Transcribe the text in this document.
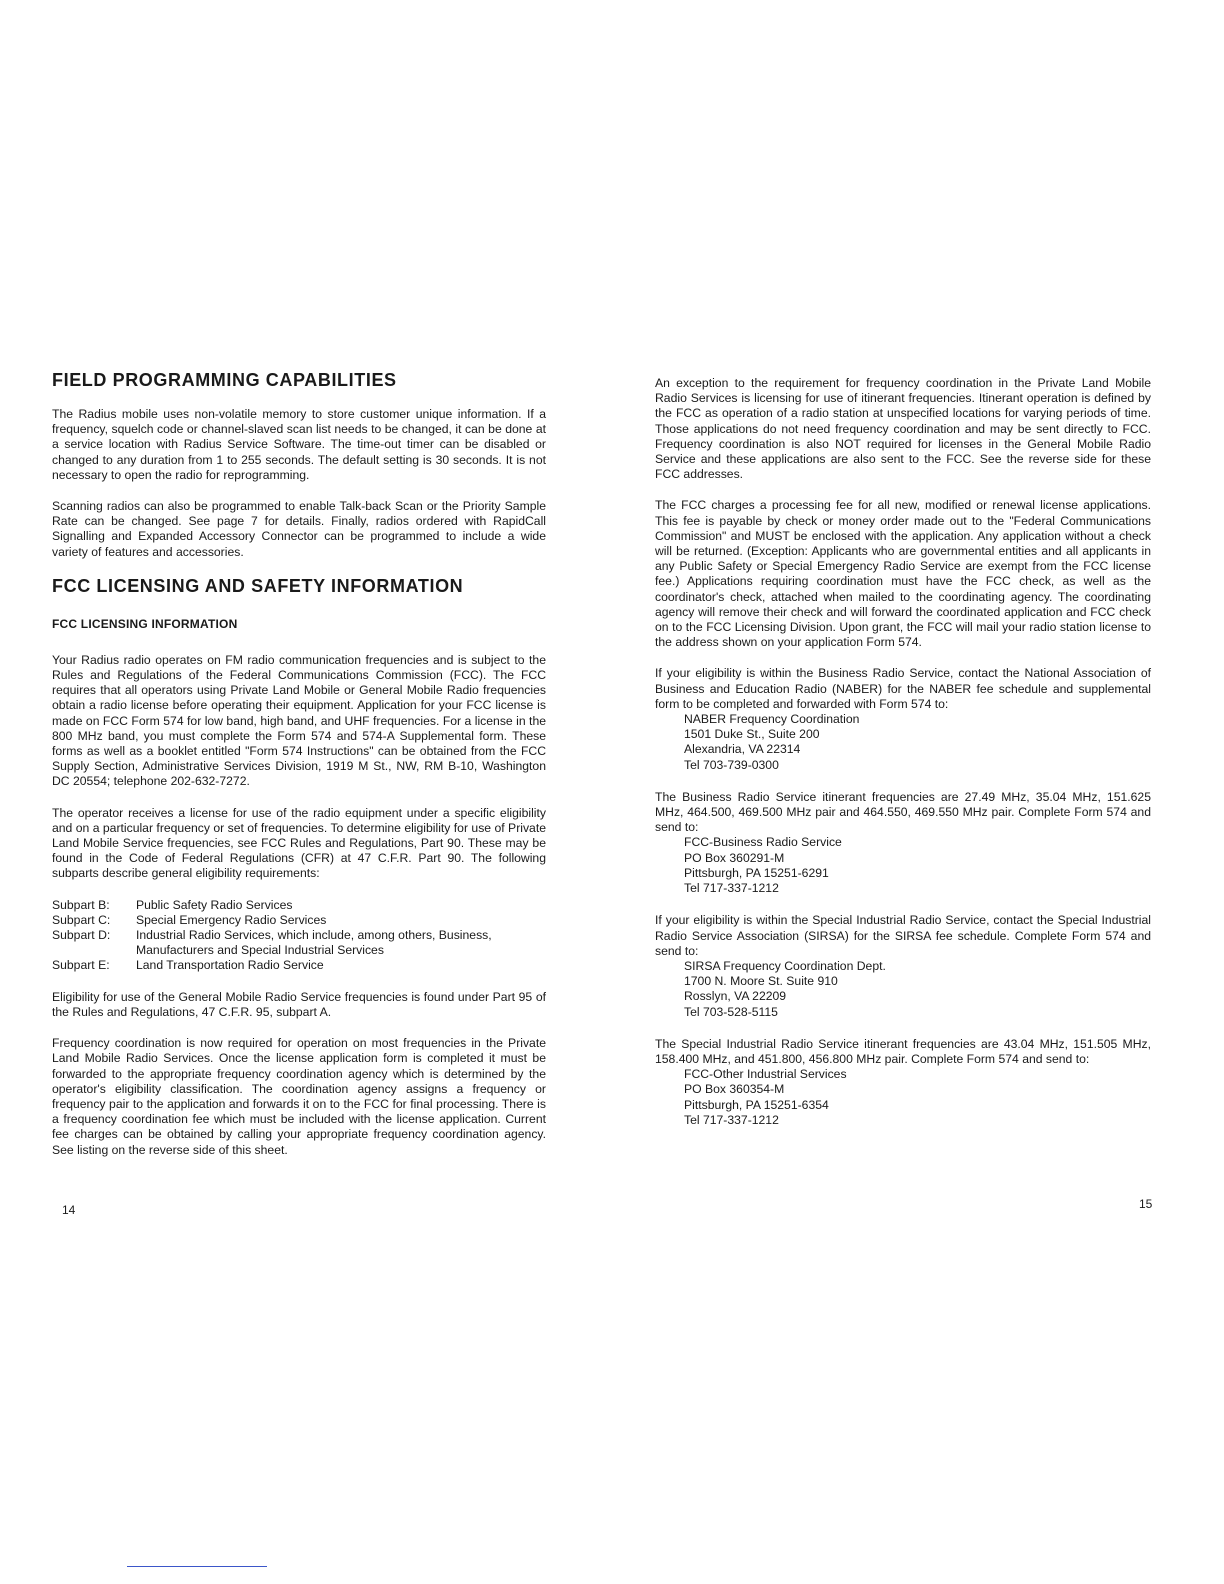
FIELD PROGRAMMING CAPABILITIES

The Radius mobile uses non-volatile memory to store customer unique information. If a frequency, squelch code or channel-slaved scan list needs to be changed, it can be done at a service location with Radius Service Software. The time-out timer can be disabled or changed to any duration from 1 to 255 seconds. The default setting is 30 seconds. It is not necessary to open the radio for reprogramming.

Scanning radios can also be programmed to enable Talk-back Scan or the Priority Sample Rate can be changed. See page 7 for details. Finally, radios ordered with RapidCall Signalling and Expanded Accessory Connector can be programmed to include a wide variety of features and accessories.

FCC LICENSING AND SAFETY INFORMATION
FCC LICENSING INFORMATION

Your Radius radio operates on FM radio communication frequencies and is subject to the Rules and Regulations of the Federal Communications Commission (FCC). The FCC requires that all operators using Private Land Mobile or General Mobile Radio frequencies obtain a radio license before operating their equipment. Application for your FCC license is made on FCC Form 574 for low band, high band, and UHF frequencies. For a license in the 800 MHz band, you must complete the Form 574 and 574-A Supplemental form. These forms as well as a booklet entitled "Form 574 Instructions" can be obtained from the FCC Supply Section, Administrative Services Division, 1919 M St., NW, RM B-10, Washington DC 20554; telephone 202-632-7272.

The operator receives a license for use of the radio equipment under a specific eligibility and on a particular frequency or set of frequencies. To determine eligibility for use of Private Land Mobile Service frequencies, see FCC Rules and Regulations, Part 90. These may be found in the Code of Federal Regulations (CFR) at 47 C.F.R. Part 90. The following subparts describe general eligibility requirements:

Subpart B:	Public Safety Radio Services
Subpart C:	Special Emergency Radio Services
Subpart D:	Industrial Radio Services, which include, among others, Business, Manufacturers and Special Industrial Services
Subpart E:	Land Transportation Radio Service

Eligibility for use of the General Mobile Radio Service frequencies is found under Part 95 of the Rules and Regulations, 47 C.F.R. 95, subpart A.

Frequency coordination is now required for operation on most frequencies in the Private Land Mobile Radio Services. Once the license application form is completed it must be forwarded to the appropriate frequency coordination agency which is determined by the operator's eligibility classification. The coordination agency assigns a frequency or frequency pair to the application and forwards it on to the FCC for final processing. There is a frequency coordination fee which must be included with the license application. Current fee charges can be obtained by calling your appropriate frequency coordination agency. See listing on the reverse side of this sheet.

An exception to the requirement for frequency coordination in the Private Land Mobile Radio Services is licensing for use of itinerant frequencies. Itinerant operation is defined by the FCC as operation of a radio station at unspecified locations for varying periods of time. Those applications do not need frequency coordination and may be sent directly to FCC. Frequency coordination is also NOT required for licenses in the General Mobile Radio Service and these applications are also sent to the FCC. See the reverse side for these FCC addresses.

The FCC charges a processing fee for all new, modified or renewal license applications. This fee is payable by check or money order made out to the "Federal Communications Commission" and MUST be enclosed with the application. Any application without a check will be returned. (Exception: Applicants who are governmental entities and all applicants in any Public Safety or Special Emergency Radio Service are exempt from the FCC license fee.) Applications requiring coordination must have the FCC check, as well as the coordinator's check, attached when mailed to the coordinating agency. The coordinating agency will remove their check and will forward the coordinated application and FCC check on to the FCC Licensing Division. Upon grant, the FCC will mail your radio station license to the address shown on your application Form 574.

If your eligibility is within the Business Radio Service, contact the National Association of Business and Education Radio (NABER) for the NABER fee schedule and supplemental form to be completed and forwarded with Form 574 to:

NABER Frequency Coordination
1501 Duke St., Suite 200
Alexandria, VA 22314
Tel 703-739-0300

The Business Radio Service itinerant frequencies are 27.49 MHz, 35.04 MHz, 151.625 MHz, 464.500, 469.500 MHz pair and 464.550, 469.550 MHz pair. Complete Form 574 and send to:

FCC-Business Radio Service
PO Box 360291-M
Pittsburgh, PA 15251-6291
Tel 717-337-1212

If your eligibility is within the Special Industrial Radio Service, contact the Special Industrial Radio Service Association (SIRSA) for the SIRSA fee schedule. Complete Form 574 and send to:

SIRSA Frequency Coordination Dept.
1700 N. Moore St. Suite 910
Rosslyn, VA 22209
Tel 703-528-5115

The Special Industrial Radio Service itinerant frequencies are 43.04 MHz, 151.505 MHz, 158.400 MHz, and 451.800, 456.800 MHz pair. Complete Form 574 and send to:

FCC-Other Industrial Services
PO Box 360354-M
Pittsburgh, PA 15251-6354
Tel 717-337-1212
14	15
